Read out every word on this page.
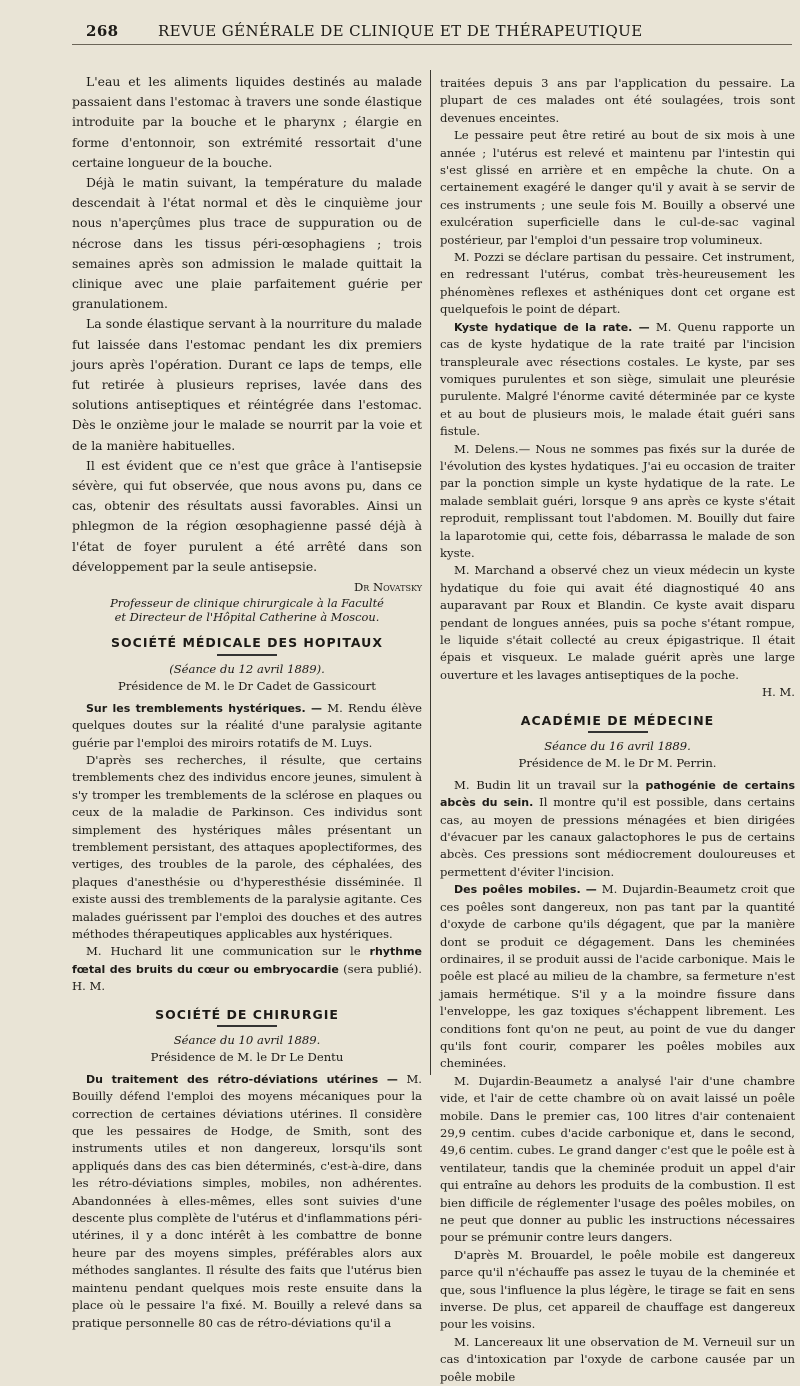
268	REVUE GÉNÉRALE DE CLINIQUE ET DE THÉRAPEUTIQUE

L'eau et les aliments liquides destinés au malade passaient dans l'estomac à travers une sonde élastique introduite par la bouche et le pharynx ; élargie en forme d'entonnoir, son extrémité ressortait d'une certaine longueur de la bouche.

Déjà le matin suivant, la température du malade descendait à l'état normal et dès le cinquième jour nous n'aperçûmes plus trace de suppuration ou de nécrose dans les tissus péri-œsophagiens ; trois semaines après son admission le malade quittait la clinique avec une plaie parfaitement guérie per granulationem.

La sonde élastique servant à la nourriture du malade fut laissée dans l'estomac pendant les dix premiers jours après l'opération. Durant ce laps de temps, elle fut retirée à plusieurs reprises, lavée dans des solutions antiseptiques et réintégrée dans l'estomac. Dès le onzième jour le malade se nourrit par la voie et de la manière habituelles.

Il est évident que ce n'est que grâce à l'antisepsie sévère, qui fut observée, que nous avons pu, dans ce cas, obtenir des résultats aussi favorables. Ainsi un phlegmon de la région œsophagienne passé déjà à l'état de foyer purulent a été arrêté dans son développement par la seule antisepsie.

Dr Novatsky
Professeur de clinique chirurgicale à la Faculté
et Directeur de l'Hôpital Catherine à Moscou.
SOCIÉTÉ MÉDICALE DES HOPITAUX
(Séance du 12 avril 1889).
Présidence de M. le Dr Cadet de Gassicourt

Sur les tremblements hystériques. — M. Rendu élève quelques doutes sur la réalité d'une paralysie agitante guérie par l'emploi des miroirs rotatifs de M. Luys.

D'après ses recherches, il résulte, que certains tremblements chez des individus encore jeunes, simulent à s'y tromper les tremblements de la sclérose en plaques ou ceux de la maladie de Parkinson. Ces individus sont simplement des hystériques mâles présentant un tremblement persistant, des attaques apoplectiformes, des vertiges, des troubles de la parole, des céphalées, des plaques d'anesthésie ou d'hyperesthésie disséminée. Il existe aussi des tremblements de la paralysie agitante. Ces malades guérissent par l'emploi des douches et des autres méthodes thérapeutiques applicables aux hystériques.

M. Huchard lit une communication sur le rhythme fœtal des bruits du cœur ou embryocardie (sera publié). H. M.

SOCIÉTÉ DE CHIRURGIE
Séance du 10 avril 1889.
Présidence de M. le Dr Le Dentu

Du traitement des rétro-déviations utérines — M. Bouilly défend l'emploi des moyens mécaniques pour la correction de certaines déviations utérines. Il considère que les pessaires de Hodge, de Smith, sont des instruments utiles et non dangereux, lorsqu'ils sont appliqués dans des cas bien déterminés, c'est-à-dire, dans les rétro-déviations simples, mobiles, non adhérentes. Abandonnées à elles-mêmes, elles sont suivies d'une descente plus complète de l'utérus et d'inflammations péri-utérines, il y a donc intérêt à les combattre de bonne heure par des moyens simples, préférables alors aux méthodes sanglantes. Il résulte des faits que l'utérus bien maintenu pendant quelques mois reste ensuite dans la place où le pessaire l'a fixé. M. Bouilly a relevé dans sa pratique personnelle 80 cas de rétro-déviations qu'il a

traitées depuis 3 ans par l'application du pessaire. La plupart de ces malades ont été soulagées, trois sont devenues enceintes.

Le pessaire peut être retiré au bout de six mois à une année ; l'utérus est relevé et maintenu par l'intestin qui s'est glissé en arrière et en empêche la chute. On a certainement exagéré le danger qu'il y avait à se servir de ces instruments ; une seule fois M. Bouilly a observé une exulcération superficielle dans le cul-de-sac vaginal postérieur, par l'emploi d'un pessaire trop volumineux.

M. Pozzi se déclare partisan du pessaire. Cet instrument, en redressant l'utérus, combat très-heureusement les phénomènes reflexes et asthéniques dont cet organe est quelquefois le point de départ.

Kyste hydatique de la rate. — M. Quenu rapporte un cas de kyste hydatique de la rate traité par l'incision transpleurale avec résections costales. Le kyste, par ses vomiques purulentes et son siège, simulait une pleurésie purulente. Malgré l'énorme cavité déterminée par ce kyste et au bout de plusieurs mois, le malade était guéri sans fistule.

M. Delens.— Nous ne sommes pas fixés sur la durée de l'évolution des kystes hydatiques. J'ai eu occasion de traiter par la ponction simple un kyste hydatique de la rate. Le malade semblait guéri, lorsque 9 ans après ce kyste s'était reproduit, remplissant tout l'abdomen. M. Bouilly dut faire la laparotomie qui, cette fois, débarrassa le malade de son kyste.

M. Marchand a observé chez un vieux médecin un kyste hydatique du foie qui avait été diagnostiqué 40 ans auparavant par Roux et Blandin. Ce kyste avait disparu pendant de longues années, puis sa poche s'étant rompue, le liquide s'était collecté au creux épigastrique. Il était épais et visqueux. Le malade guérit après une large ouverture et les lavages antiseptiques de la poche.

H. M.
ACADÉMIE DE MÉDECINE
Séance du 16 avril 1889.
Présidence de M. le Dr M. Perrin.

M. Budin lit un travail sur la pathogénie de certains abcès du sein. Il montre qu'il est possible, dans certains cas, au moyen de pressions ménagées et bien dirigées d'évacuer par les canaux galactophores le pus de certains abcès. Ces pressions sont médiocrement douloureuses et permettent d'éviter l'incision.

Des poêles mobiles. — M. Dujardin-Beaumetz croit que ces poêles sont dangereux, non pas tant par la quantité d'oxyde de carbone qu'ils dégagent, que par la manière dont se produit ce dégagement. Dans les cheminées ordinaires, il se produit aussi de l'acide carbonique. Mais le poêle est placé au milieu de la chambre, sa fermeture n'est jamais hermétique. S'il y a la moindre fissure dans l'enveloppe, les gaz toxiques s'échappent librement. Les conditions font qu'on ne peut, au point de vue du danger qu'ils font courir, comparer les poêles mobiles aux cheminées.

M. Dujardin-Beaumetz a analysé l'air d'une chambre vide, et l'air de cette chambre où on avait laissé un poêle mobile. Dans le premier cas, 100 litres d'air contenaient 29,9 centim. cubes d'acide carbonique et, dans le second, 49,6 centim. cubes. Le grand danger c'est que le poêle est à ventilateur, tandis que la cheminée produit un appel d'air qui entraîne au dehors les produits de la combustion. Il est bien difficile de réglementer l'usage des poêles mobiles, on ne peut que donner au public les instructions nécessaires pour se prémunir contre leurs dangers.

D'après M. Brouardel, le poêle mobile est dangereux parce qu'il n'échauffe pas assez le tuyau de la cheminée et que, sous l'influence la plus légère, le tirage se fait en sens inverse. De plus, cet appareil de chauffage est dangereux pour les voisins.

M. Lancereaux lit une observation de M. Verneuil sur un cas d'intoxication par l'oxyde de carbone causée par un poêle mobile
